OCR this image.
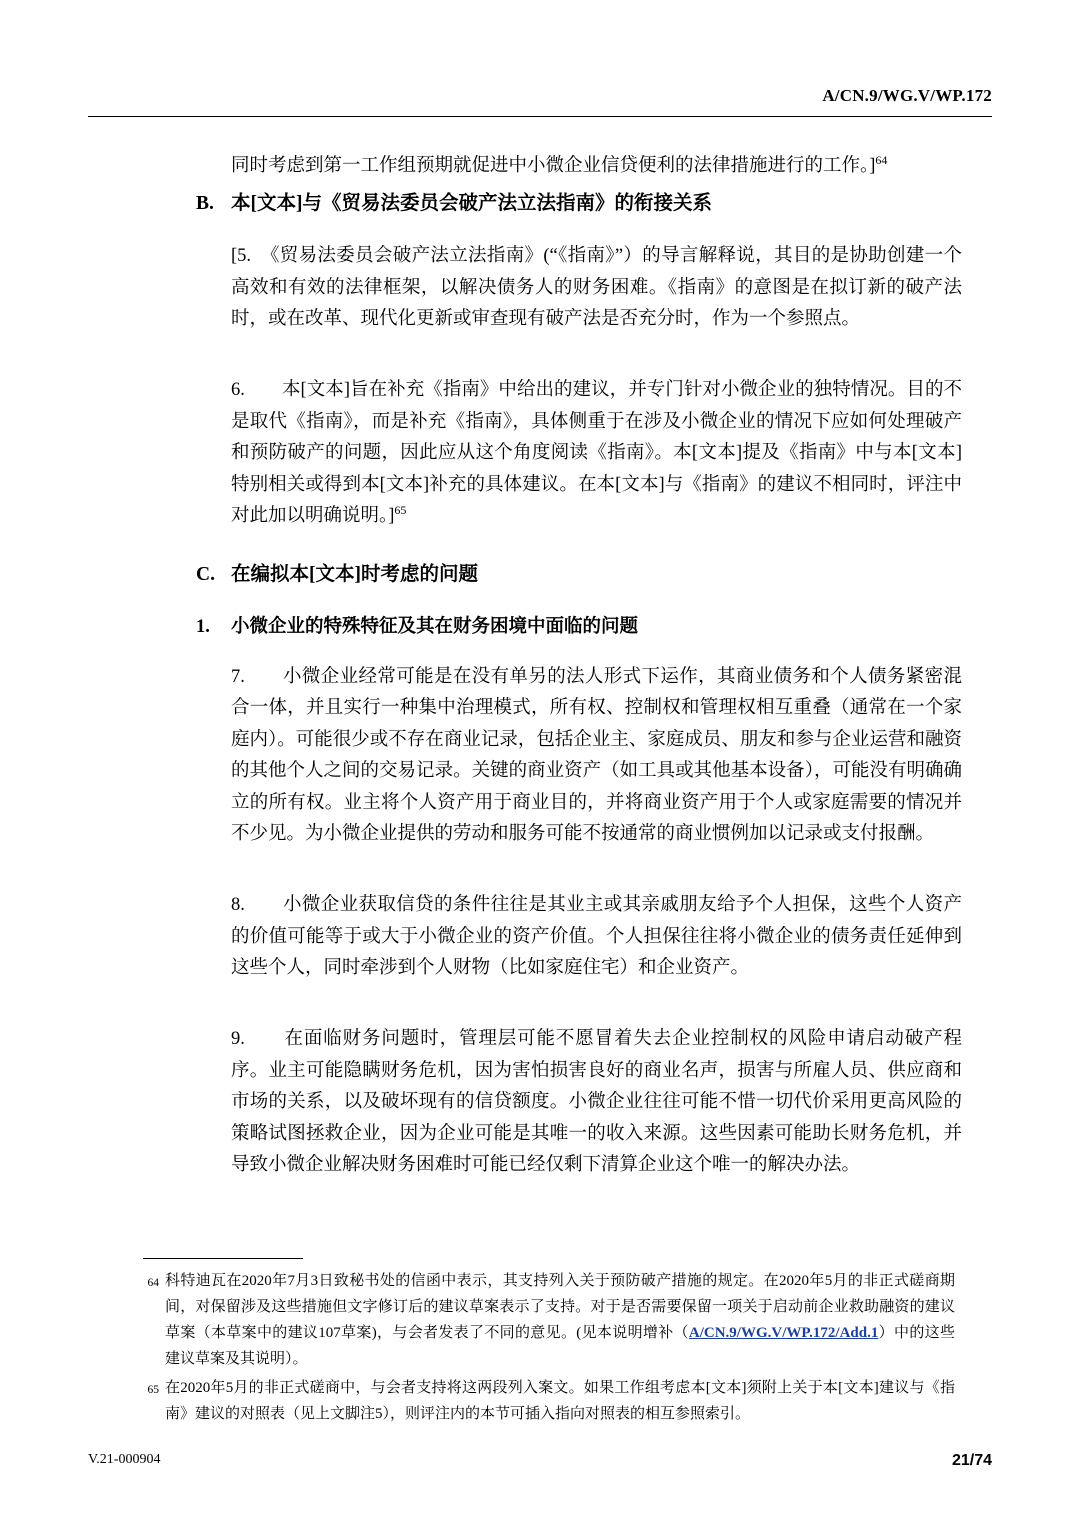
A/CN.9/WG.V/WP.172

同时考虑到第一工作组预期就促进中小微企业信贷便利的法律措施进行的工作。]$^{64}$

B. 本[文本]与《贸易法委员会破产法立法指南》的衔接关系

[5.　《贸易法委员会破产法立法指南》(“《指南》”）的导言解释说，其目的是协助创建一个高效和有效的法律框架，以解决债务人的财务困难。《指南》的意图是在拟订新的破产法时，或在改革、现代化更新或审查现有破产法是否充分时，作为一个参照点。

6.　　本[文本]旨在补充《指南》中给出的建议，并专门针对小微企业的独特情况。目的不是取代《指南》，而是补充《指南》，具体侧重于在涉及小微企业的情况下应如何处理破产和预防破产的问题，因此应从这个角度阅读《指南》。本[文本]提及《指南》中与本[文本]特别相关或得到本[文本]补充的具体建议。在本[文本]与《指南》的建议不相同时，评注中对此加以明确说明。]$^{65}$

C. 在编拟本[文本]时考虑的问题
1.	小微企业的特殊特征及其在财务困境中面临的问题

7.　　小微企业经常可能是在没有单另的法人形式下运作，其商业债务和个人债务紧密混合一体，并且实行一种集中治理模式，所有权、控制权和管理权相互重叠（通常在一个家庭内）。可能很少或不存在商业记录，包括企业主、家庭成员、朋友和参与企业运营和融资的其他个人之间的交易记录。关键的商业资产（如工具或其他基本设备），可能没有明确确立的所有权。业主将个人资产用于商业目的，并将商业资产用于个人或家庭需要的情况并不少见。为小微企业提供的劳动和服务可能不按通常的商业惯例加以记录或支付报酬。

8.　　小微企业获取信贷的条件往往是其业主或其亲戚朋友给予个人担保，这些个人资产的价值可能等于或大于小微企业的资产价值。个人担保往往将小微企业的债务责任延伸到这些个人，同时牵涉到个人财物（比如家庭住宅）和企业资产。

9.　　在面临财务问题时，管理层可能不愿冒着失去企业控制权的风险申请启动破产程序。业主可能隐瞒财务危机，因为害怕损害良好的商业名声，损害与所雇人员、供应商和市场的关系，以及破坏现有的信贷额度。小微企业往往可能不惜一切代价采用更高风险的策略试图拯救企业，因为企业可能是其唯一的收入来源。这些因素可能助长财务危机，并导致小微企业解决财务困难时可能已经仅剩下清算企业这个唯一的解决办法。

64 科特迪瓦在2020年7月3日致秘书处的信函中表示，其支持列入关于预防破产措施的规定。在2020年5月的非正式磋商期间，对保留涉及这些措施但文字修订后的建议草案表示了支持。对于是否需要保留一项关于启动前企业救助融资的建议草案（本草案中的建议107草案)，与会者发表了不同的意见。(见本说明增补（A/CN.9/WG.V/WP.172/Add.1）中的这些建议草案及其说明）。
65 在2020年5月的非正式磋商中，与会者支持将这两段列入案文。如果工作组考虑本[文本]须附上关于本[文本]建议与《指南》建议的对照表（见上文脚注5），则评注内的本节可插入指向对照表的相互参照索引。
V.21-000904	21/74
